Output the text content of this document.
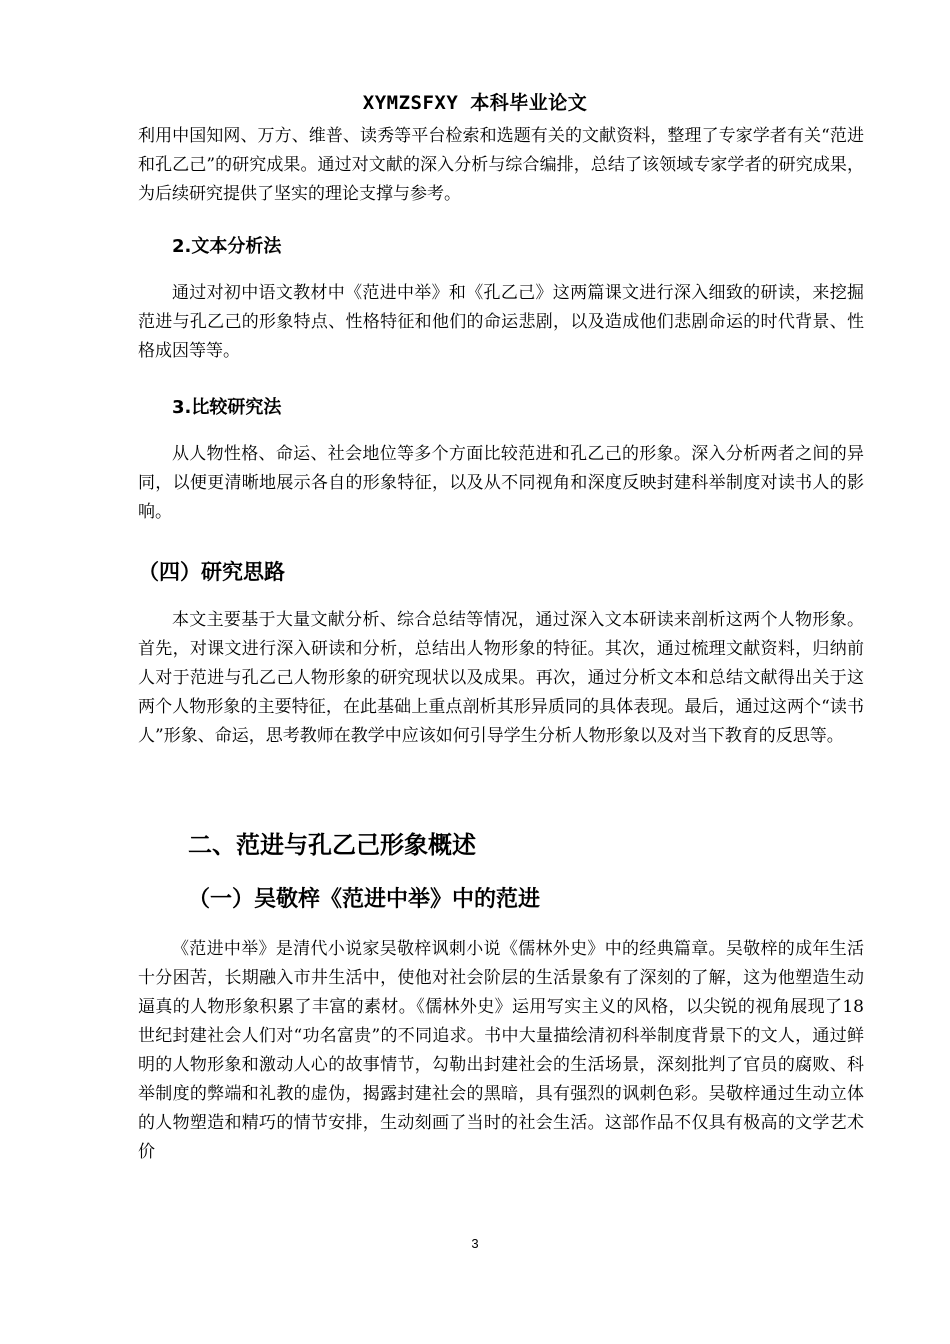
XYMZSFXY 本科毕业论文

利用中国知网、万方、维普、读秀等平台检索和选题有关的文献资料，整理了专家学者有关“范进和孔乙己”的研究成果。通过对文献的深入分析与综合编排，总结了该领域专家学者的研究成果，为后续研究提供了坚实的理论支撑与参考。

2.文本分析法

通过对初中语文教材中《范进中举》和《孔乙己》这两篇课文进行深入细致的研读，来挖掘范进与孔乙己的形象特点、性格特征和他们的命运悲剧，以及造成他们悲剧命运的时代背景、性格成因等等。

3.比较研究法

从人物性格、命运、社会地位等多个方面比较范进和孔乙己的形象。深入分析两者之间的异同，以便更清晰地展示各自的形象特征，以及从不同视角和深度反映封建科举制度对读书人的影响。

（四）研究思路

本文主要基于大量文献分析、综合总结等情况，通过深入文本研读来剖析这两个人物形象。首先，对课文进行深入研读和分析，总结出人物形象的特征。其次，通过梳理文献资料，归纳前人对于范进与孔乙己人物形象的研究现状以及成果。再次，通过分析文本和总结文献得出关于这两个人物形象的主要特征，在此基础上重点剖析其形异质同的具体表现。最后，通过这两个“读书人”形象、命运，思考教师在教学中应该如何引导学生分析人物形象以及对当下教育的反思等。

二、范进与孔乙己形象概述
（一）吴敬梓《范进中举》中的范进

《范进中举》是清代小说家吴敬梓讽刺小说《儒林外史》中的经典篇章。吴敬梓的成年生活十分困苦，长期融入市井生活中，使他对社会阶层的生活景象有了深刻的了解，这为他塑造生动逼真的人物形象积累了丰富的素材。《儒林外史》运用写实主义的风格，以尖锐的视角展现了18世纪封建社会人们对“功名富贵”的不同追求。书中大量描绘清初科举制度背景下的文人，通过鲜明的人物形象和激动人心的故事情节，勾勒出封建社会的生活场景，深刻批判了官员的腐败、科举制度的弊端和礼教的虚伪，揭露封建社会的黑暗，具有强烈的讽刺色彩。吴敬梓通过生动立体的人物塑造和精巧的情节安排，生动刻画了当时的社会生活。这部作品不仅具有极高的文学艺术价

3
